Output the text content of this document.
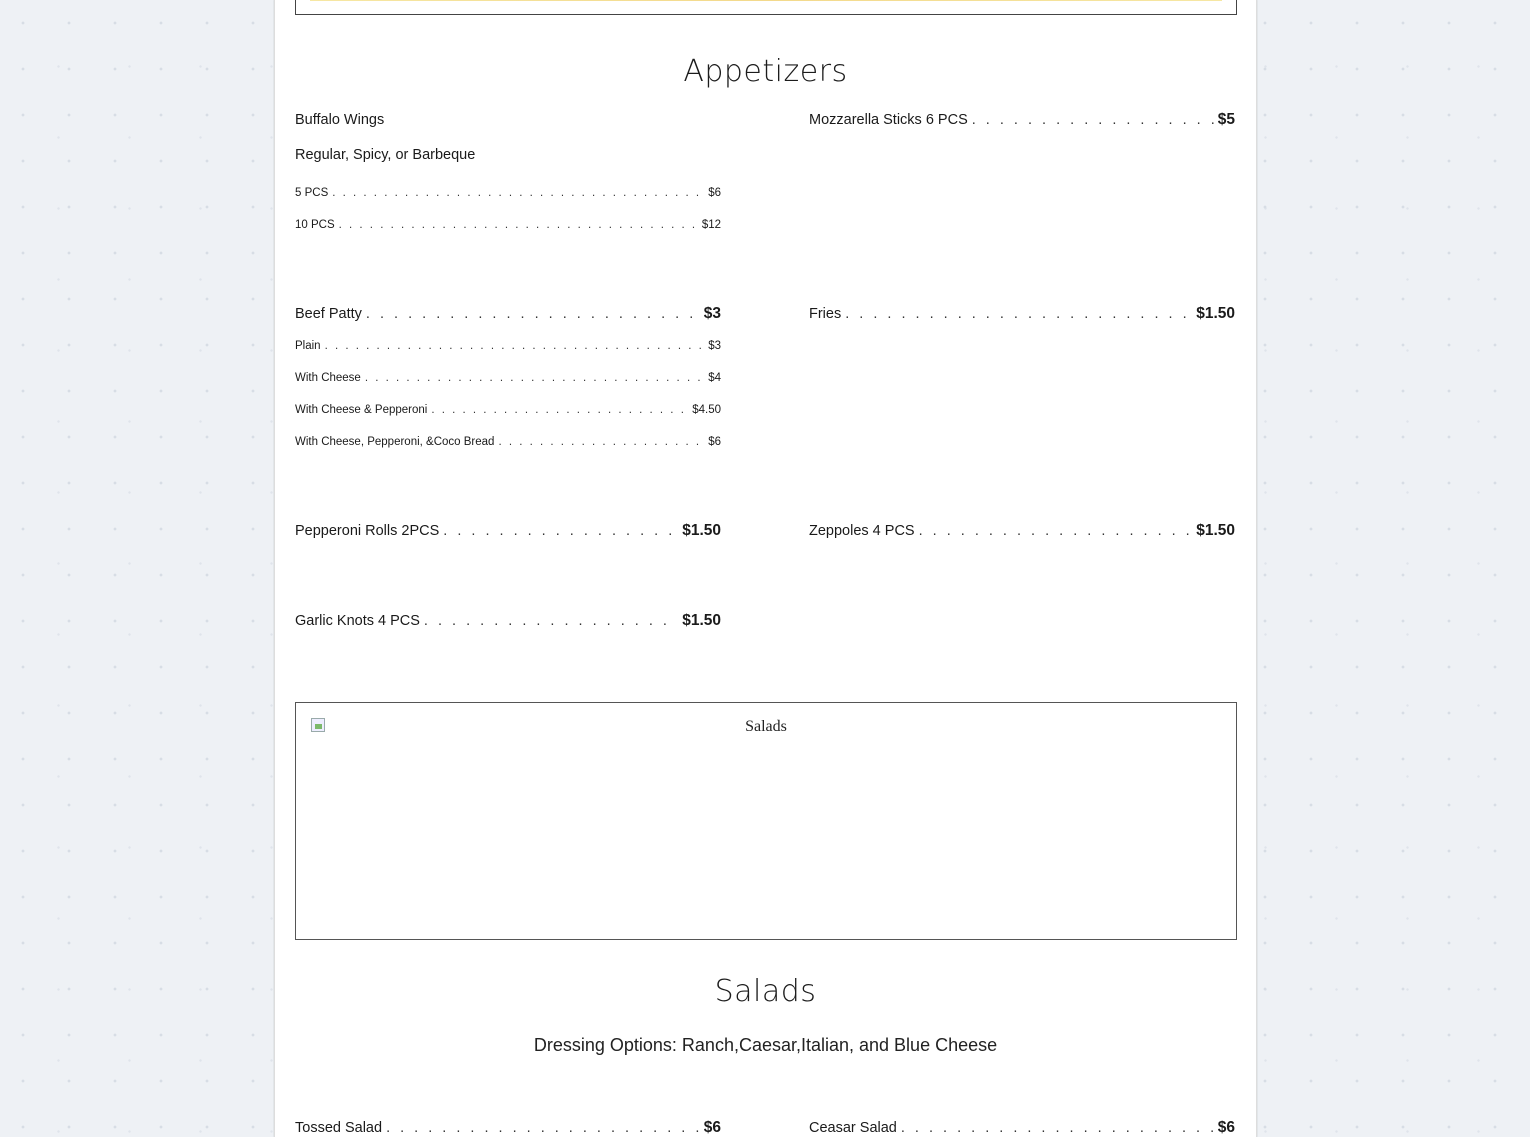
Appetizers
Buffalo Wings
Regular, Spicy, or Barbeque
5 PCS . . .	$6
10 PCS . . .	$12
Beef Patty . . .	$3
Plain . . .	$3
With Cheese . . .	$4
With Cheese & Pepperoni . . .	$4.50
With Cheese, Pepperoni, &Coco Bread . . .	$6
Pepperoni Rolls 2PCS . . .	$1.50
Garlic Knots 4 PCS . . .	$1.50
Mozzarella Sticks 6 PCS . . .	$5
Fries . . .	$1.50
Zeppoles 4 PCS . . .	$1.50
Salads
Salads
Dressing Options: Ranch,Caesar,Italian, and Blue Cheese
Tossed Salad . . .	$6	Ceasar Salad . . .	$6
